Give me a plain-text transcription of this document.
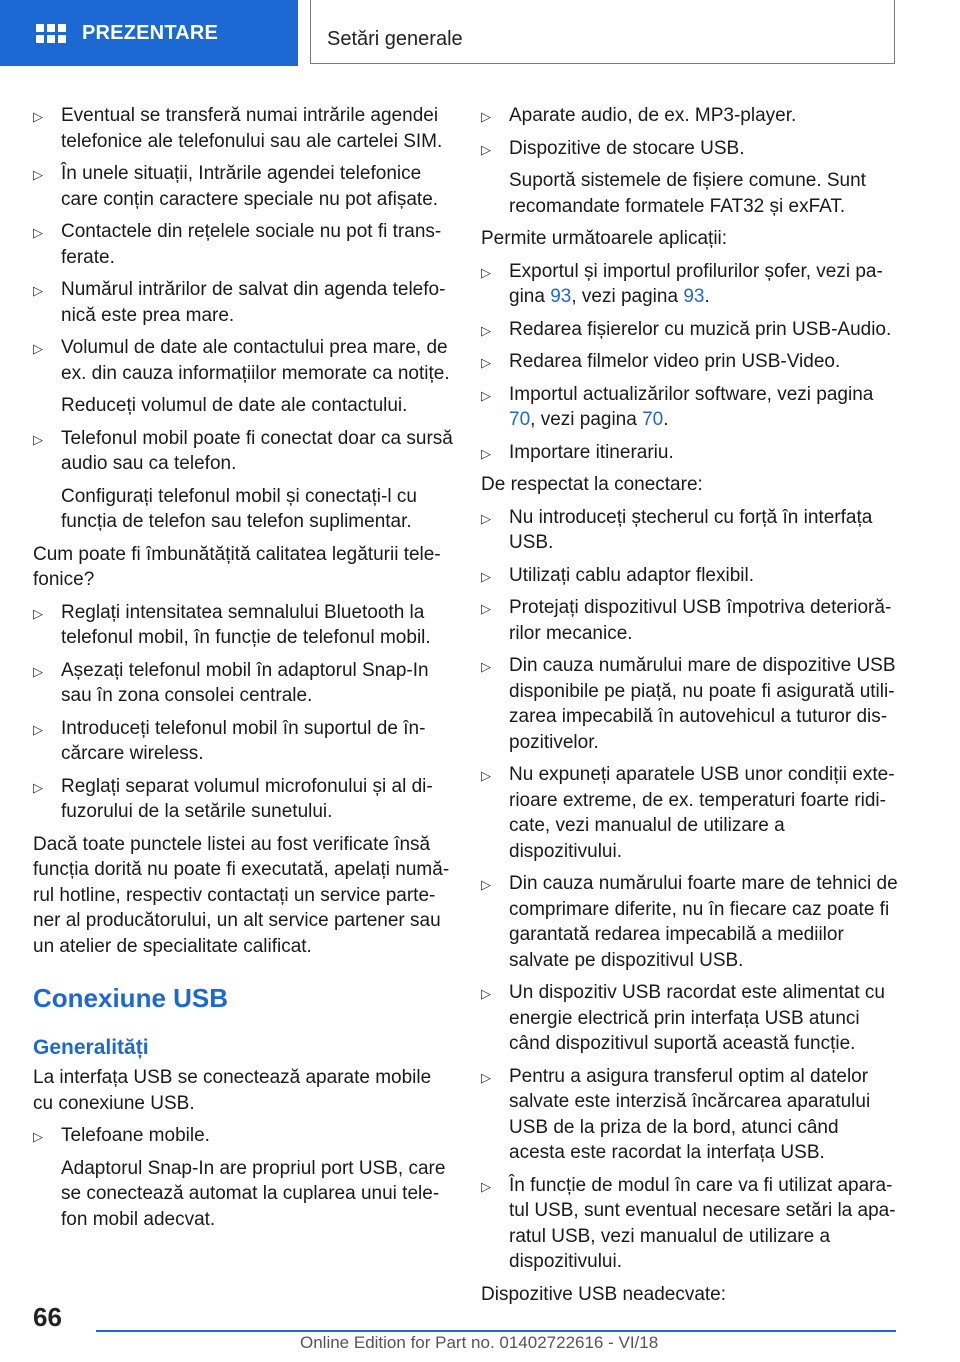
PREZENTARE	Setări generale
▷ Eventual se transferă numai intrările agendei telefonice ale telefonului sau ale cartelei SIM.
▷ În unele situații, Intrările agendei telefonice care conțin caractere speciale nu pot afișate.
▷ Contactele din rețelele sociale nu pot fi transferate.
▷ Numărul intrărilor de salvat din agenda telefonică este prea mare.
▷ Volumul de date ale contactului prea mare, de ex. din cauza informațiilor memorate ca notițe.
Reduceți volumul de date ale contactului.
▷ Telefonul mobil poate fi conectat doar ca sursă audio sau ca telefon.
Configurați telefonul mobil și conectați-l cu funcția de telefon sau telefon suplimentar.
Cum poate fi îmbunătățită calitatea legăturii telefonice?
▷ Reglați intensitatea semnalului Bluetooth la telefonul mobil, în funcție de telefonul mobil.
▷ Așezați telefonul mobil în adaptorul Snap-In sau în zona consolei centrale.
▷ Introduceți telefonul mobil în suportul de încărcare wireless.
▷ Reglați separat volumul microfonului și al difuzorului de la setările sunetului.
Dacă toate punctele listei au fost verificate însă funcția dorită nu poate fi executată, apelați numărul hotline, respectiv contactați un service partener al producătorului, un alt service partener sau un atelier de specialitate calificat.
Conexiune USB
Generalități
La interfața USB se conectează aparate mobile cu conexiune USB.
▷ Telefoane mobile.
Adaptorul Snap-In are propriul port USB, care se conectează automat la cuplarea unui telefon mobil adecvat.
▷ Aparate audio, de ex. MP3-player.
▷ Dispozitive de stocare USB.
Suportă sistemele de fișiere comune. Sunt recomandate formatele FAT32 și exFAT.
Permite următoarele aplicații:
▷ Exportul și importul profilurilor șofer, vezi pagina 93, vezi pagina 93.
▷ Redarea fișierelor cu muzică prin USB-Audio.
▷ Redarea filmelor video prin USB-Video.
▷ Importul actualizărilor software, vezi pagina 70, vezi pagina 70.
▷ Importare itinerariu.
De respectat la conectare:
▷ Nu introduceți ștecherul cu forță în interfața USB.
▷ Utilizați cablu adaptor flexibil.
▷ Protejați dispozitivul USB împotriva deteriorărilor mecanice.
▷ Din cauza numărului mare de dispozitive USB disponibile pe piață, nu poate fi asigurată utilizarea impecabilă în autovehicul a tuturor dispozitivelor.
▷ Nu expuneți aparatele USB unor condiții exterioare extreme, de ex. temperaturi foarte ridicate, vezi manualul de utilizare a dispozitivului.
▷ Din cauza numărului foarte mare de tehnici de comprimare diferite, nu în fiecare caz poate fi garantată redarea impecabilă a mediilor salvate pe dispozitivul USB.
▷ Un dispozitiv USB racordat este alimentat cu energie electrică prin interfața USB atunci când dispozitivul suportă această funcție.
▷ Pentru a asigura transferul optim al datelor salvate este interzisă încărcarea aparatului USB de la priza de la bord, atunci când acesta este racordat la interfața USB.
▷ În funcție de modul în care va fi utilizat aparatul USB, sunt eventual necesare setări la aparatul USB, vezi manualul de utilizare a dispozitivului.
Dispozitive USB neadecvate:
66
Online Edition for Part no. 01402722616 - VI/18
